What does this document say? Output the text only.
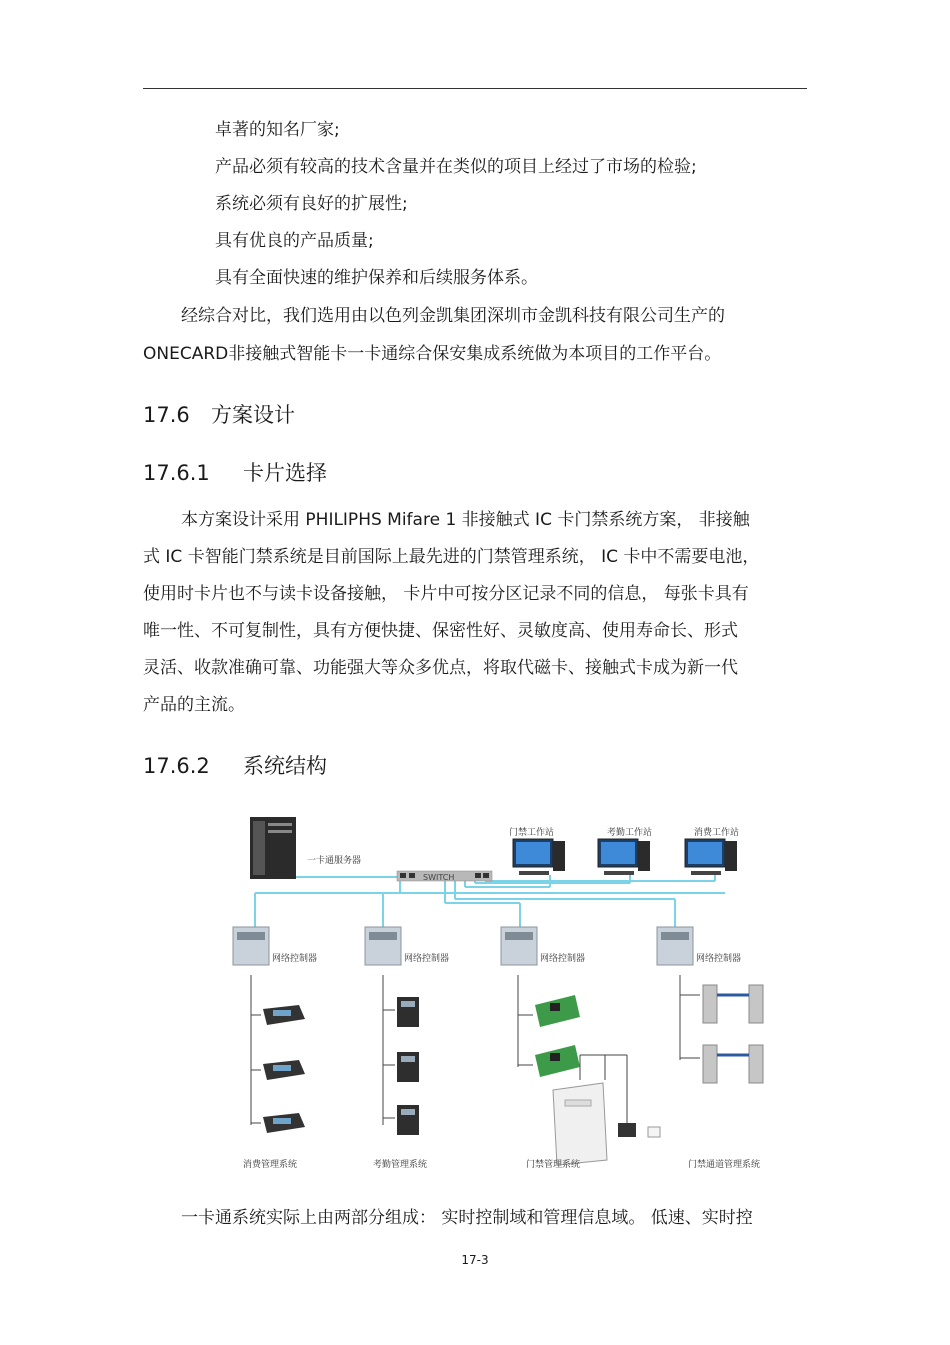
卓著的知名厂家;
产品必须有较高的技术含量并在类似的项目上经过了市场的检验;
系统必须有良好的扩展性;
具有优良的产品质量;
具有全面快速的维护保养和后续服务体系。
经综合对比，我们选用由以色列金凯集团深圳市金凯科技有限公司生产的
ONECARD非接触式智能卡一卡通综合保安集成系统做为本项目的工作平台。
17.6 方案设计
17.6.1 卡片选择
本方案设计采用 PHILIPHS Mifare 1 非接触式 IC 卡门禁系统方案， 非接触
式 IC 卡智能门禁系统是目前国际上最先进的门禁管理系统， IC 卡中不需要电池，
使用时卡片也不与读卡设备接触， 卡片中可按分区记录不同的信息， 每张卡具有
唯一性、不可复制性，具有方便快捷、保密性好、灵敏度高、使用寿命长、形式
灵活、收款准确可靠、功能强大等众多优点，将取代磁卡、接触式卡成为新一代
产品的主流。
17.6.2 系统结构
一卡通服务器
SWITCH
门禁工作站	考勤工作站	消费工作站
网络控制器	网络控制器	网络控制器	网络控制器
消费管理系统	考勤管理系统	门禁管理系统	门禁通道管理系统
一卡通系统实际上由两部分组成： 实时控制域和管理信息域。 低速、实时控
17-3
